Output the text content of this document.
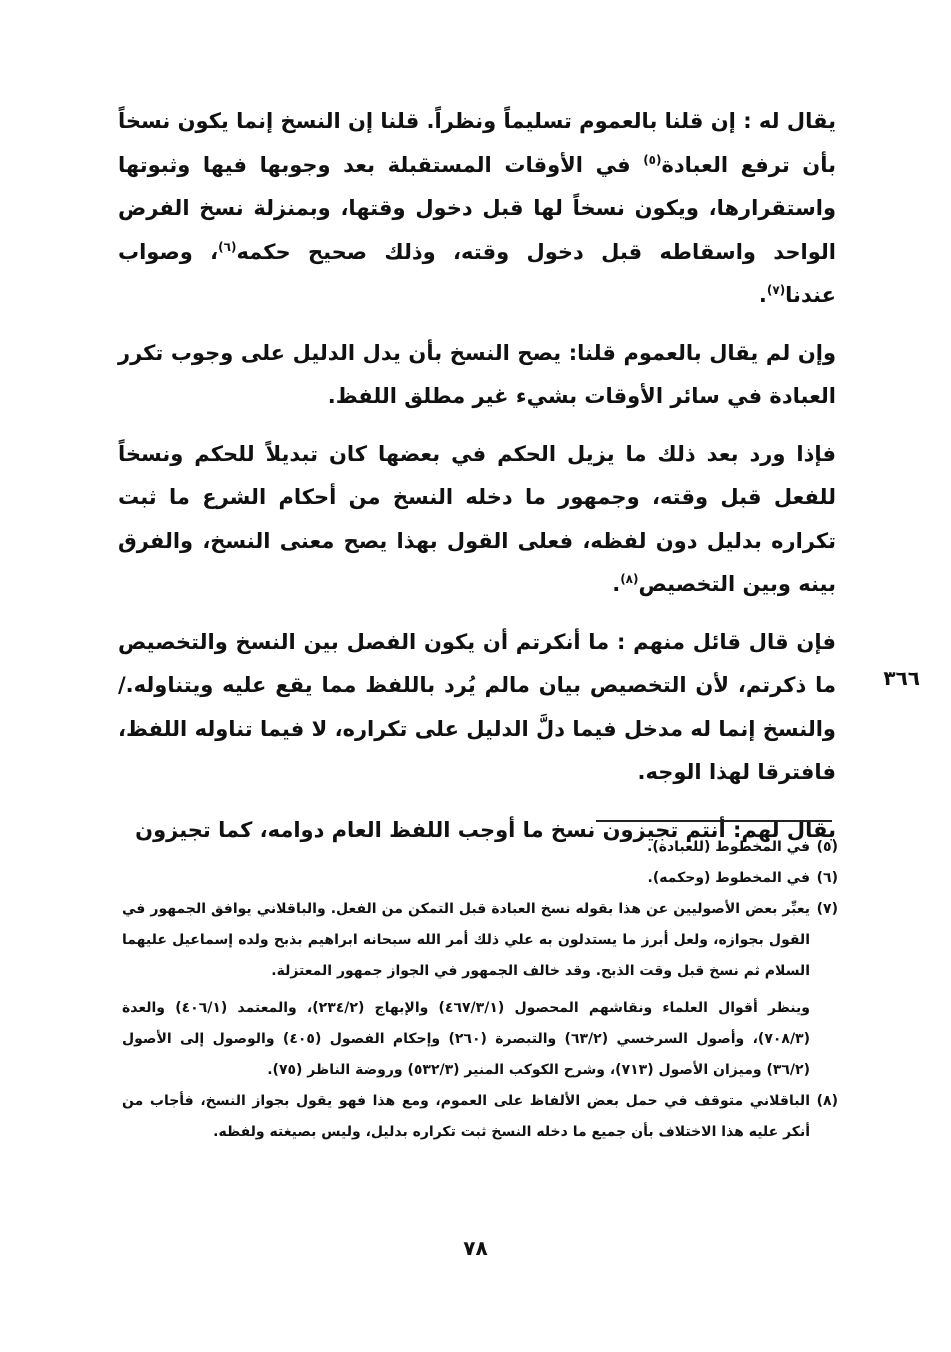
يقال له : إن قلنا بالعموم تسليماً ونظراً. قلنا إن النسخ إنما يكون نسخاً بأن ترفع العبادة$^{(٥)}$ في الأوقات المستقبلة بعد وجوبها فيها وثبوتها واستقرارها، ويكون نسخاً لها قبل دخول وقتها، وبمنزلة نسخ الفرض الواحد واسقاطه قبل دخول وقته، وذلك صحيح حكمه$^{(٦)}$، وصواب عندنا$^{(٧)}$.

وإن لم يقال بالعموم قلنا: يصح النسخ بأن يدل الدليل على وجوب تكرر العبادة في سائر الأوقات بشيء غير مطلق اللفظ.

فإذا ورد بعد ذلك ما يزيل الحكم في بعضها كان تبديلاً للحكم ونسخاً للفعل قبل وقته، وجمهور ما دخله النسخ من أحكام الشرع ما ثبت تكراره بدليل دون لفظه، فعلى القول بهذا يصح معنى النسخ، والفرق بينه وبين التخصيص$^{(٨)}$.

فإن قال قائل منهم : ما أنكرتم أن يكون الفصل بين النسخ والتخصيص ما ذكرتم، لأن التخصيص بيان مالم يُرد باللفظ مما يقع عليه ويتناوله./ والنسخ إنما له مدخل فيما دلَّ الدليل على تكراره، لا فيما تناوله اللفظ، فافترقا لهذا الوجه.

يقال لهم: أنتم تجيزون نسخ ما أوجب اللفظ العام دوامه، كما تجيزون

٣٦٦

(٥)
في المخطوط (للعبادة).

(٦)
في المخطوط (وحكمه).

(٧)
يعبِّر بعض الأصوليين عن هذا بقوله نسخ العبادة قبل التمكن من الفعل. والباقلاني يوافق الجمهور في القول بجوازه، ولعل أبرز ما يستدلون به علي ذلك أمر الله سبحانه ابراهيم بذبح ولده إسماعيل عليهما السلام ثم نسخ قبل وقت الذبح. وقد خالف الجمهور في الجواز جمهور المعتزلة.

وينظر أقوال العلماء ونقاشهم المحصول (٤٦٧/٣/١) والإبهاج (٢٣٤/٢)، والمعتمد (٤٠٦/١) والعدة (٧٠٨/٣)، وأصول السرخسي (٦٣/٢) والتبصرة (٢٦٠) وإحكام الفصول (٤٠٥) والوصول إلى الأصول (٣٦/٢) وميزان الأصول (٧١٣)، وشرح الكوكب المنير (٥٣٢/٣) وروضة الناظر (٧٥).

(٨)
الباقلاني متوقف في حمل بعض الألفاظ على العموم، ومع هذا فهو يقول بجواز النسخ، فأجاب من أنكر عليه هذا الاختلاف بأن جميع ما دخله النسخ ثبت تكراره بدليل، وليس بصيغته ولفظه.

٧٨
